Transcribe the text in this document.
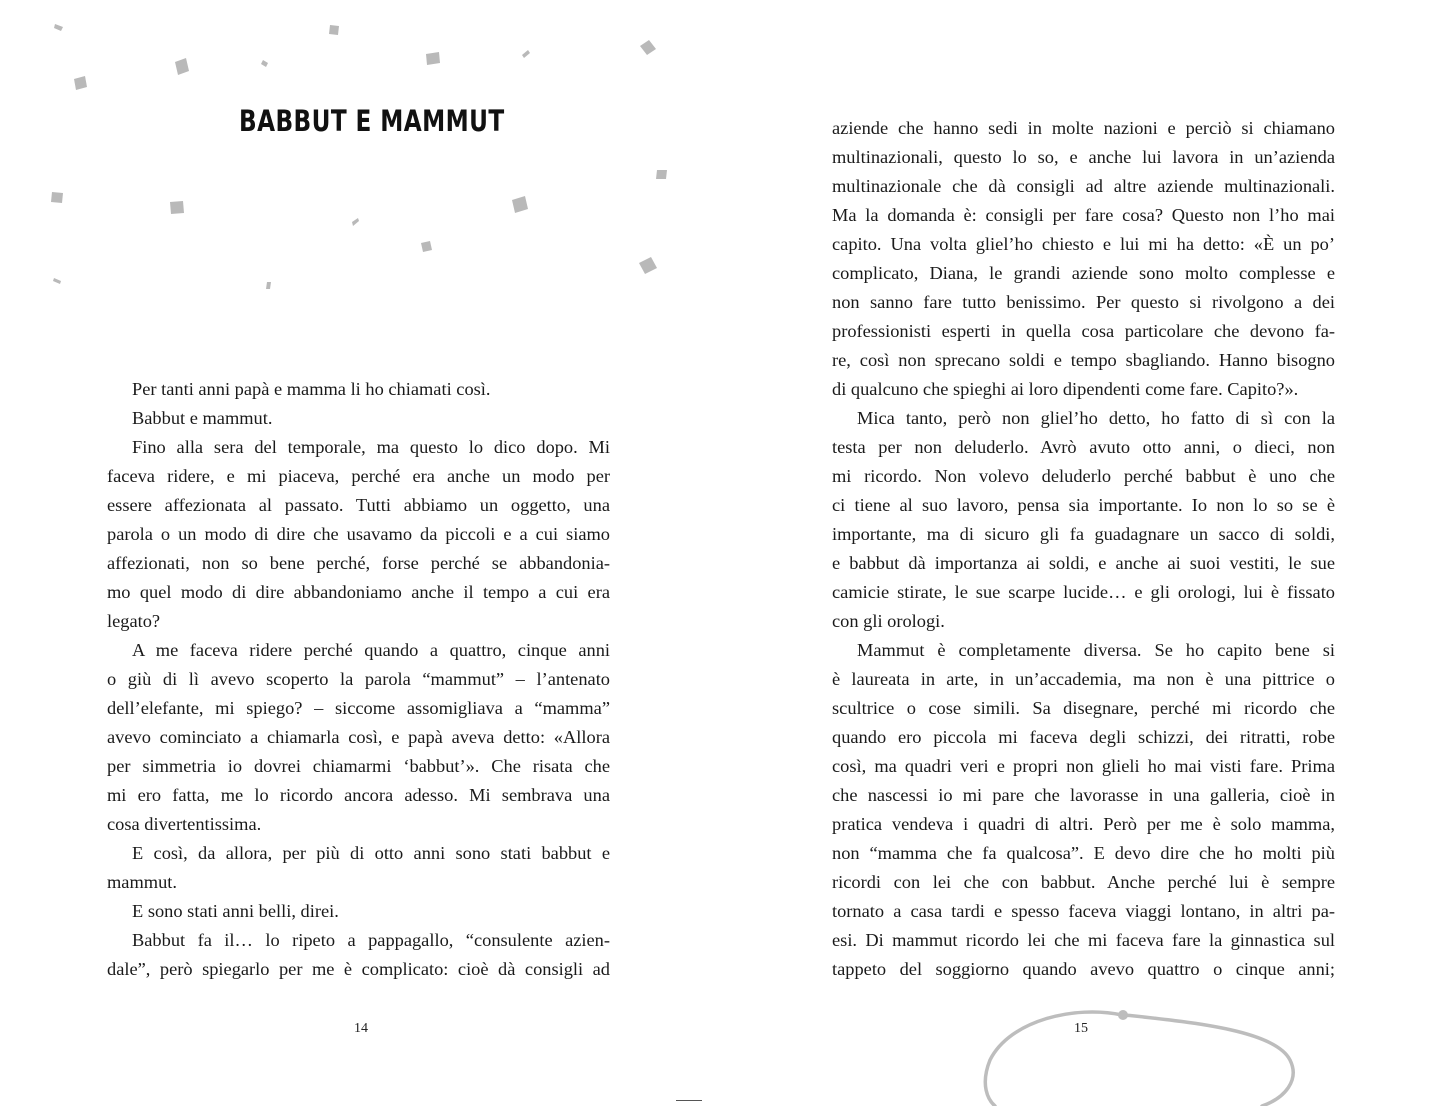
BABBUT E MAMMUT
Per tanti anni papà e mamma li ho chiamati così.
Babbut e mammut.
Fino alla sera del temporale, ma questo lo dico dopo. Mi
faceva ridere, e mi piaceva, perché era anche un modo per
essere affezionata al passato. Tutti abbiamo un oggetto, una
parola o un modo di dire che usavamo da piccoli e a cui siamo
affezionati, non so bene perché, forse perché se abbandonia-
mo quel modo di dire abbandoniamo anche il tempo a cui era
legato?
A me faceva ridere perché quando a quattro, cinque anni
o giù di lì avevo scoperto la parola “mammut” – l’antenato
dell’elefante, mi spiego? – siccome assomigliava a “mamma”
avevo cominciato a chiamarla così, e papà aveva detto: «Allora
per simmetria io dovrei chiamarmi ‘babbut’». Che risata che
mi ero fatta, me lo ricordo ancora adesso. Mi sembrava una
cosa divertentissima.
E così, da allora, per più di otto anni sono stati babbut e
mammut.
E sono stati anni belli, direi.
Babbut fa il… lo ripeto a pappagallo, “consulente azien-
dale”, però spiegarlo per me è complicato: cioè dà consigli ad
aziende che hanno sedi in molte nazioni e perciò si chiamano
multinazionali, questo lo so, e anche lui lavora in un’azienda
multinazionale che dà consigli ad altre aziende multinazionali.
Ma la domanda è: consigli per fare cosa? Questo non l’ho mai
capito. Una volta gliel’ho chiesto e lui mi ha detto: «È un po’
complicato, Diana, le grandi aziende sono molto complesse e
non sanno fare tutto benissimo. Per questo si rivolgono a dei
professionisti esperti in quella cosa particolare che devono fa-
re, così non sprecano soldi e tempo sbagliando. Hanno bisogno
di qualcuno che spieghi ai loro dipendenti come fare. Capito?».
Mica tanto, però non gliel’ho detto, ho fatto di sì con la
testa per non deluderlo. Avrò avuto otto anni, o dieci, non
mi ricordo. Non volevo deluderlo perché babbut è uno che
ci tiene al suo lavoro, pensa sia importante. Io non lo so se è
importante, ma di sicuro gli fa guadagnare un sacco di soldi,
e babbut dà importanza ai soldi, e anche ai suoi vestiti, le sue
camicie stirate, le sue scarpe lucide… e gli orologi, lui è fissato
con gli orologi.
Mammut è completamente diversa. Se ho capito bene si
è laureata in arte, in un’accademia, ma non è una pittrice o
scultrice o cose simili. Sa disegnare, perché mi ricordo che
quando ero piccola mi faceva degli schizzi, dei ritratti, robe
così, ma quadri veri e propri non glieli ho mai visti fare. Prima
che nascessi io mi pare che lavorasse in una galleria, cioè in
pratica vendeva i quadri di altri. Però per me è solo mamma,
non “mamma che fa qualcosa”. E devo dire che ho molti più
ricordi con lei che con babbut. Anche perché lui è sempre
tornato a casa tardi e spesso faceva viaggi lontano, in altri pa-
esi. Di mammut ricordo lei che mi faceva fare la ginnastica sul
tappeto del soggiorno quando avevo quattro o cinque anni;
14	15
